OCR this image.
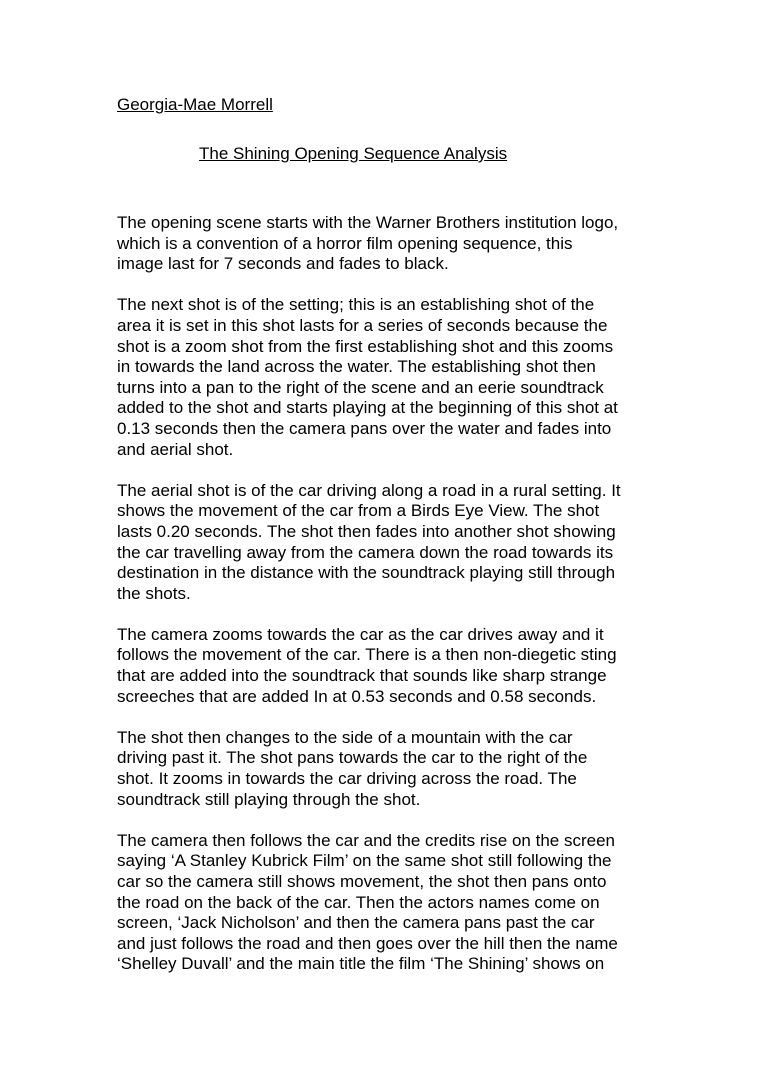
Georgia-Mae Morrell
The Shining Opening Sequence Analysis
The opening scene starts with the Warner Brothers institution logo,
which is a convention of a horror film opening sequence, this
image last for 7 seconds and fades to black.
The next shot is of the setting; this is an establishing shot of the
area it is set in this shot lasts for a series of seconds because the
shot is a zoom shot from the first establishing shot and this zooms
in towards the land across the water. The establishing shot then
turns into a pan to the right of the scene and an eerie soundtrack
added to the shot and starts playing at the beginning of this shot at
0.13 seconds then the camera pans over the water and fades into
and aerial shot.
The aerial shot is of the car driving along a road in a rural setting. It
shows the movement of the car from a Birds Eye View. The shot
lasts 0.20 seconds. The shot then fades into another shot showing
the car travelling away from the camera down the road towards its
destination in the distance with the soundtrack playing still through
the shots.
The camera zooms towards the car as the car drives away and it
follows the movement of the car. There is a then non-diegetic sting
that are added into the soundtrack that sounds like sharp strange
screeches that are added In at 0.53 seconds and 0.58 seconds.
The shot then changes to the side of a mountain with the car
driving past it. The shot pans towards the car to the right of the
shot. It zooms in towards the car driving across the road. The
soundtrack still playing through the shot.
The camera then follows the car and the credits rise on the screen
saying ‘A Stanley Kubrick Film’ on the same shot still following the
car so the camera still shows movement, the shot then pans onto
the road on the back of the car. Then the actors names come on
screen, ‘Jack Nicholson’ and then the camera pans past the car
and just follows the road and then goes over the hill then the name
‘Shelley Duvall’ and the main title the film ‘The Shining’ shows on
